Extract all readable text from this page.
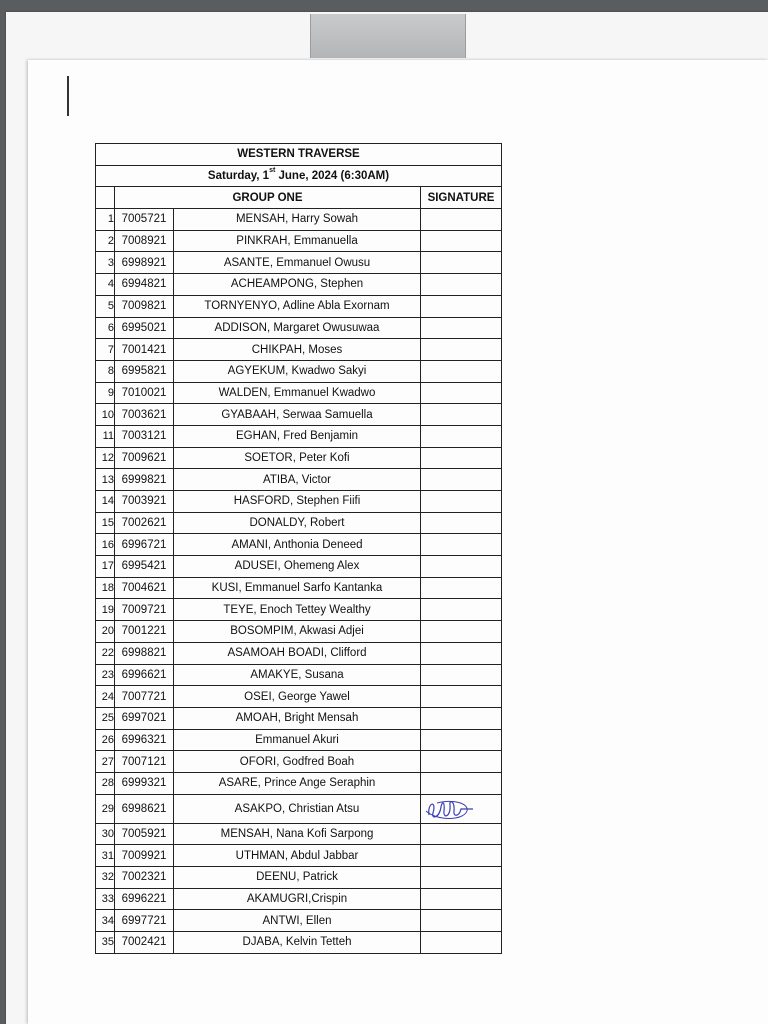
WESTERN TRAVERSE			
Saturday, 1st June, 2024 (6:30AM)			
	GROUP ONE		SIGNATURE
1	7005721	MENSAH, Harry Sowah	
2	7008921	PINKRAH, Emmanuella	
3	6998921	ASANTE, Emmanuel Owusu	
4	6994821	ACHEAMPONG, Stephen	
5	7009821	TORNYENYO, Adline Abla Exornam	
6	6995021	ADDISON, Margaret Owusuwaa	
7	7001421	CHIKPAH, Moses	
8	6995821	AGYEKUM, Kwadwo Sakyi	
9	7010021	WALDEN, Emmanuel Kwadwo	
10	7003621	GYABAAH, Serwaa Samuella	
11	7003121	EGHAN, Fred Benjamin	
12	7009621	SOETOR, Peter Kofi	
13	6999821	ATIBA, Victor	
14	7003921	HASFORD, Stephen Fiifi	
15	7002621	DONALDY, Robert	
16	6996721	AMANI, Anthonia Deneed	
17	6995421	ADUSEI, Ohemeng Alex	
18	7004621	KUSI, Emmanuel Sarfo Kantanka	
19	7009721	TEYE, Enoch Tettey Wealthy	
20	7001221	BOSOMPIM, Akwasi Adjei	
22	6998821	ASAMOAH BOADI, Clifford	
23	6996621	AMAKYE, Susana	
24	7007721	OSEI, George Yawel	
25	6997021	AMOAH, Bright Mensah	
26	6996321	Emmanuel Akuri	
27	7007121	OFORI, Godfred Boah	
28	6999321	ASARE, Prince Ange Seraphin	
29	6998621	ASAKPO, Christian Atsu	

30	7005921	MENSAH, Nana Kofi Sarpong	
31	7009921	UTHMAN, Abdul Jabbar	
32	7002321	DEENU, Patrick	
33	6996221	AKAMUGRI,Crispin	
34	6997721	ANTWI, Ellen	
35	7002421	DJABA, Kelvin Tetteh	
